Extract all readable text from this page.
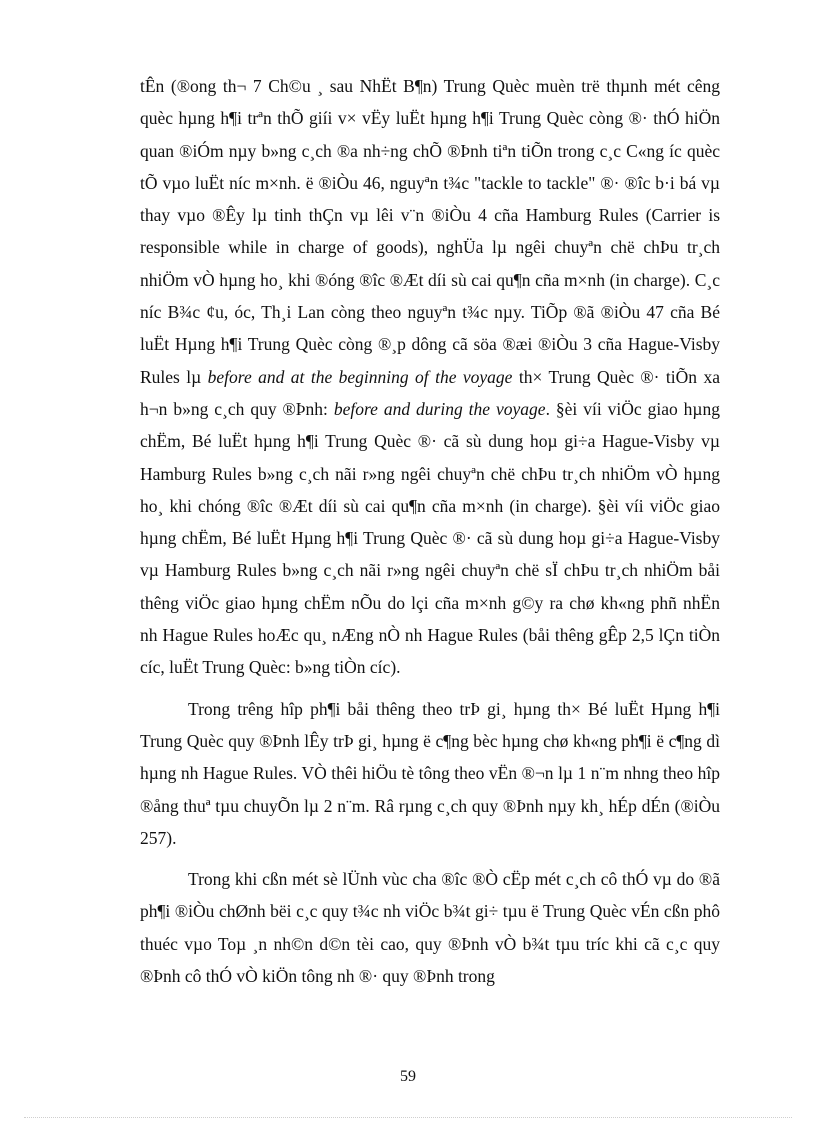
tÊn (®ong th¬ 7 Ch©u ¸ sau NhËt B¶n) Trung Quèc muèn trë thµnh mét cêng quèc hµng h¶i trªn thÕ giíi v× vËy luËt hµng h¶i Trung Quèc còng ®· thÓ hiÖn quan ®iÓm nµy b»ng c¸ch ®a nh÷ng chÕ ®Þnh tiªn tiÕn trong c¸c C«ng íc quèc tÕ vµo luËt níc m×nh. ë ®iÒu 46, nguyªn t¾c "tackle to tackle" ®· ®îc b·i bá vµ thay vµo ®Êy lµ tinh thÇn vµ lêi v¨n ®iÒu 4 cña Hamburg Rules (Carrier is responsible while in charge of goods), nghÜa lµ ngêi chuyªn chë chÞu tr¸ch nhiÖm vÒ hµng ho¸ khi ®óng ®îc ®Æt díi sù cai qu¶n cña m×nh (in charge). C¸c níc B¾c ¢u, óc, Th¸i Lan còng theo nguyªn t¾c nµy. TiÕp ®ã ®iÒu 47 cña Bé luËt Hµng h¶i Trung Quèc còng ®¸p dông cã söa ®æi ®iÒu 3 cña Hague-Visby Rules lµ before and at the beginning of the voyage th× Trung Quèc ®· tiÕn xa h¬n b»ng c¸ch quy ®Þnh: before and during the voyage. §èi víi viÖc giao hµng chËm, Bé luËt hµng h¶i Trung Quèc ®· cã sù dung hoµ gi÷a Hague-Visby vµ Hamburg Rules b»ng c¸ch nãi r»ng ngêi chuyªn chë chÞu tr¸ch nhiÖm vÒ hµng ho¸ khi chóng ®îc ®Æt díi sù cai qu¶n cña m×nh (in charge). §èi víi viÖc giao hµng chËm, Bé luËt Hµng h¶i Trung Quèc ®· cã sù dung hoµ gi÷a Hague-Visby vµ Hamburg Rules b»ng c¸ch nãi r»ng ngêi chuyªn chë sÏ chÞu tr¸ch nhiÖm båi thêng viÖc giao hµng chËm nÕu do lçi cña m×nh g©y ra chø kh«ng phñ nhËn nh Hague Rules hoÆc qu¸ nÆng nÒ nh Hague Rules (båi thêng gÊp 2,5 lÇn tiÒn cíc, luËt Trung Quèc: b»ng tiÒn cíc).

Trong trêng hîp ph¶i båi thêng theo trÞ gi¸ hµng th× Bé luËt Hµng h¶i Trung Quèc quy ®Þnh lÊy trÞ gi¸ hµng ë c¶ng bèc hµng chø kh«ng ph¶i ë c¶ng dì hµng nh Hague Rules. VÒ thêi hiÖu tè tông theo vËn ®¬n lµ 1 n¨m nhng theo hîp ®ång thuª tµu chuyÕn lµ 2 n¨m. Râ rµng c¸ch quy ®Þnh nµy kh¸ hÉp dÉn (®iÒu 257).

Trong khi cßn mét sè lÜnh vùc cha ®îc ®Ò cËp mét c¸ch cô thÓ vµ do ®ã ph¶i ®iÒu chØnh bëi c¸c quy t¾c nh viÖc b¾t gi÷ tµu ë Trung Quèc vÉn cßn phô thuéc vµo Toµ ¸n nh©n d©n tèi cao, quy ®Þnh vÒ b¾t tµu tríc khi cã c¸c quy ®Þnh cô thÓ vÒ kiÖn tông nh ®· quy ®Þnh trong

59
